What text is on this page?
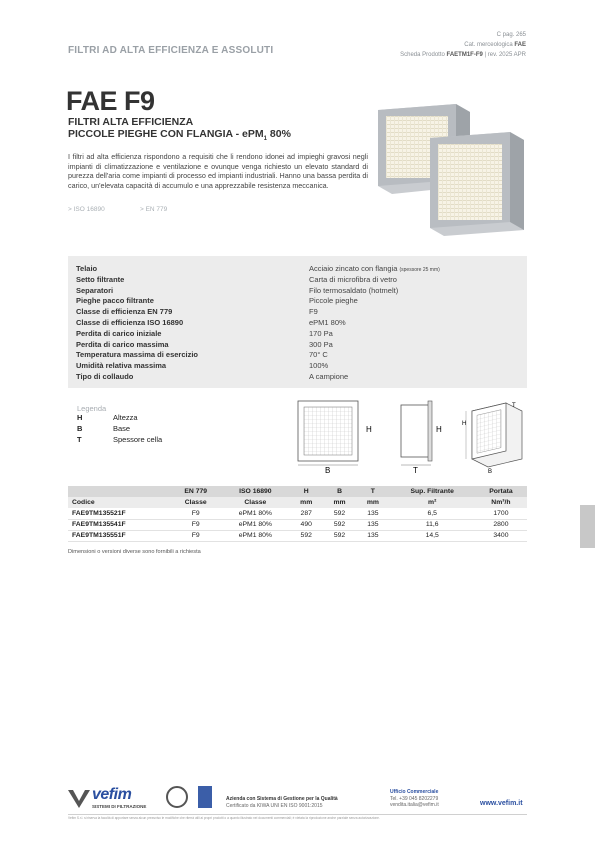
FILTRI AD ALTA EFFICIENZA E ASSOLUTI
C pag. 265
Cat. merceologica FAE
Scheda Prodotto FAETM1F-F9 | rev. 2025 APR
FAE F9
FILTRI ALTA EFFICIENZA
PICCOLE PIEGHE CON FLANGIA - ePM$_1$ 80%
I filtri ad alta efficienza rispondono a requisiti che li rendono idonei ad impieghi gravosi negli impianti di climatizzazione e ventilazione e ovunque venga richiesto un elevato standard di purezza dell'aria come impianti di processo ed impianti industriali. Hanno una bassa perdita di carico, un'elevata capacità di accumulo e una apprezzabile resistenza meccanica.
> ISO 16890	> EN 779
Telaio	Acciaio zincato con flangia (spessore 25 mm)
Setto filtrante	Carta di microfibra di vetro
Separatori	Filo termosaldato (hotmelt)
Pieghe pacco filtrante	Piccole pieghe
Classe di efficienza EN 779	F9
Classe di efficienza ISO 16890	ePM1 80%
Perdita di carico iniziale	170 Pa
Perdita di carico massima	300 Pa
Temperatura massima di esercizio	70° C
Umidità relativa massima	100%
Tipo di collaudo	A campione
Legenda
H	Altezza
B	Base
T	Spessore cella
H
B
H
T
H
B
T
	EN 779	ISO 16890	H	B	T	Sup. Filtrante	Portata
Codice	Classe	Classe	mm	mm	mm	m²	Nm³/h
FAE9TM135521F	F9	ePM1 80%	287	592	135	6,5	1700
FAE9TM135541F	F9	ePM1 80%	490	592	135	11,6	2800
FAE9TM135551F	F9	ePM1 80%	592	592	135	14,5	3400
Dimensioni o versioni diverse sono fornibili a richiesta
vefim
SISTEMI DI FILTRAZIONE
Azienda con Sistema di Gestione per la Qualità
Certificato da KIWA UNI EN ISO 9001:2015
Ufficio Commerciale
Tel. +39 045 8202279
vendita.italia@vefim.it	www.vefim.it
Vefim S.r.l. si riserva la facoltà di apportare senza alcun preavviso le modifiche che riterrà utili ai propri prodotti o a quanto illustrato nei documenti commerciali; è vietata la riproduzione anche parziale senza autorizzazione.
